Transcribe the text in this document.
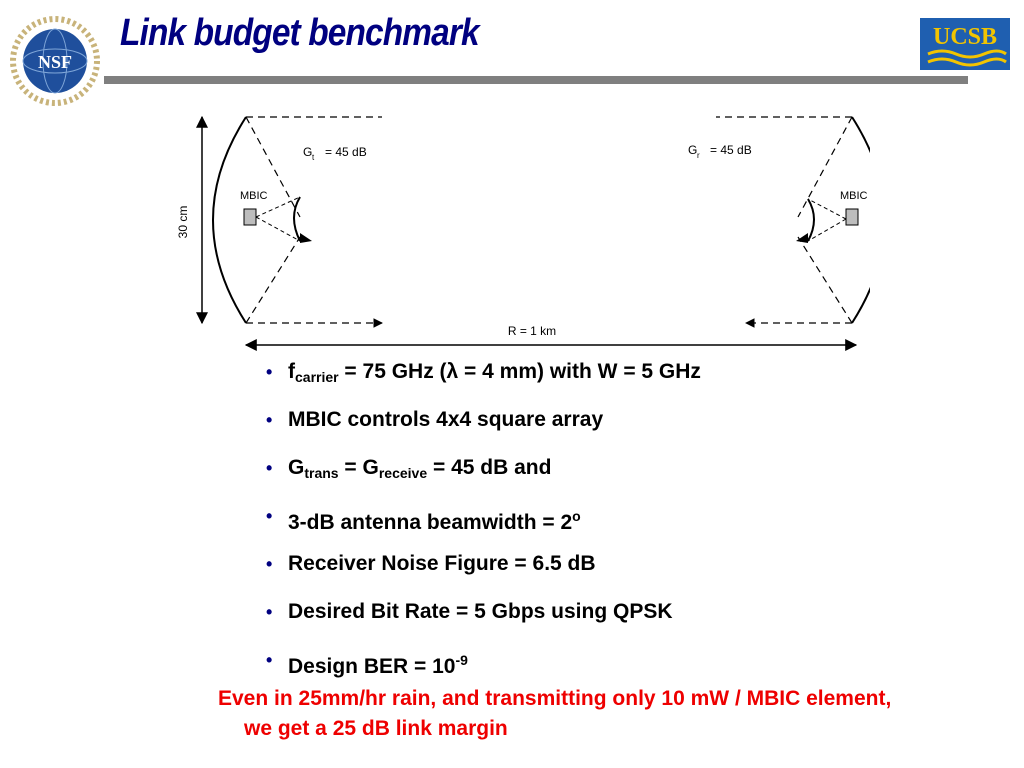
NSF
Link budget benchmark	UCSB
30 cm
MBIC
G t = 45 dB
MBIC
G r = 45 dB
R = 1 km
• $f_{carrier} = 75$ GHz (λ = 4 mm) with W = 5 GHz
• MBIC controls 4x4 square array
• $G_{trans} = G_{receive} = 45$ dB and
• 3-dB antenna beamwidth = $2^o$
• Receiver Noise Figure = 6.5 dB
• Desired Bit Rate = 5 Gbps using QPSK
• Design BER = $10^{-9}$
Even in 25mm/hr rain, and transmitting only 10 mW / MBIC element,
we get a 25 dB link margin
